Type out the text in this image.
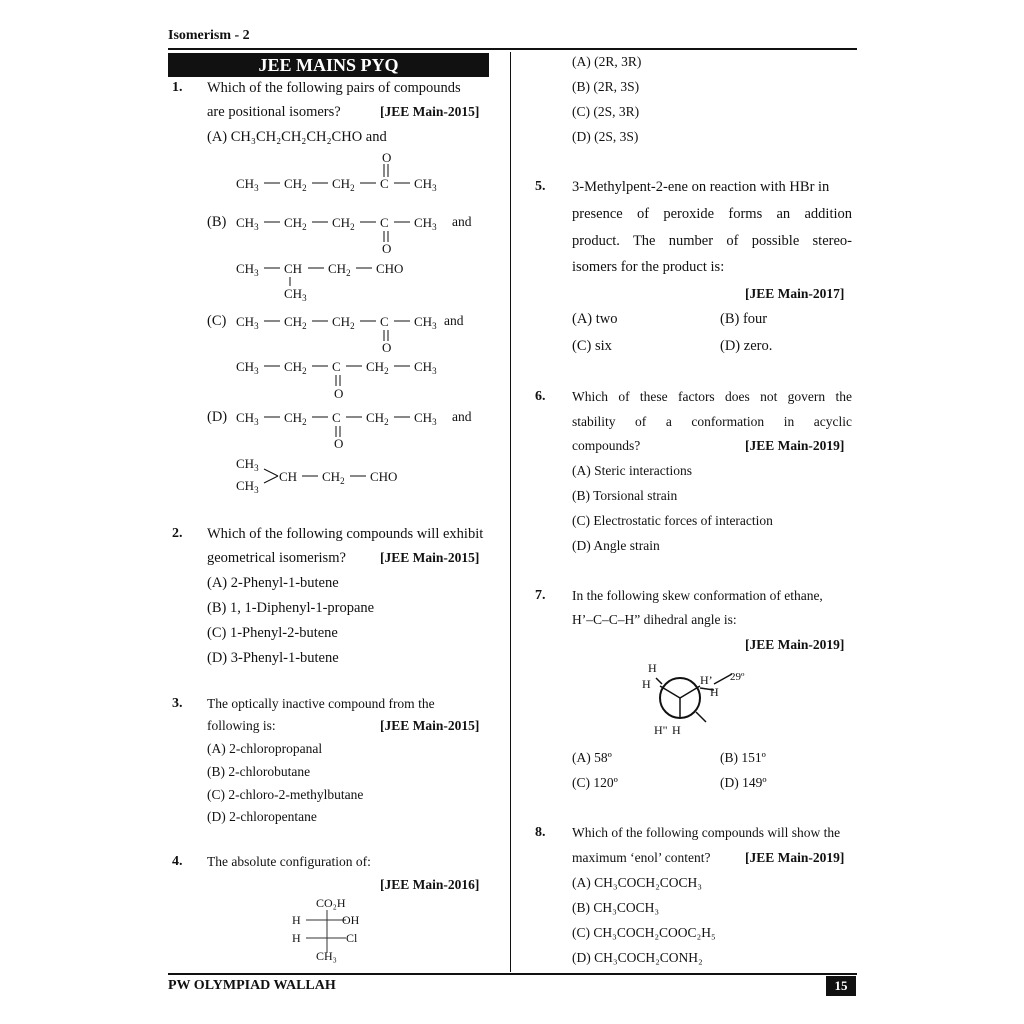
Isomerism - 2
JEE MAINS PYQ
1. Which of the following pairs of compounds
are positional isomers?	[JEE Main-2015]
(A) CH₃CH₂CH₂CH₂CHO and
$CH_3$ $CH_2$ $CH_2$ C
O
$CH_3$
(B) $CH_3$ $CH_2$ $CH_2$ C
O
$CH_3$ and
$CH_3$ CH
$CH_3$
$CH_2$ CHO
(C) $CH_3$ $CH_2$ $CH_2$ C
O
$CH_3$ and
$CH_3$ $CH_2$ C
O
$CH_2$ $CH_3$
(D) $CH_3$ $CH_2$ C
O
$CH_2$ $CH_3$ and
$CH_3$
$CH_3$
CH $CH_2$ CHO
2. Which of the following compounds will exhibit
geometrical isomerism?	[JEE Main-2015]
(A) 2-Phenyl-1-butene
(B) 1, 1-Diphenyl-1-propane
(C) 1-Phenyl-2-butene
(D) 3-Phenyl-1-butene
3. The optically inactive compound from the
following is:	[JEE Main-2015]
(A) 2-chloropropanal
(B) 2-chlorobutane
(C) 2-chloro-2-methylbutane
(D) 2-chloropentane
4. The absolute configuration of:
[JEE Main-2016]
CO₂H
H	OH
H	Cl
CH₃
(A) (2R, 3R)
(B) (2R, 3S)
(C) (2S, 3R)
(D) (2S, 3S)
5. 3-Methylpent-2-ene on reaction with HBr in
presence of peroxide forms an addition
product. The number of possible stereo-
isomers for the product is:
[JEE Main-2017]
(A) two	(B) four
(C) six	(D) zero.
6. Which of these factors does not govern the
stability of a conformation in acyclic
compounds?	[JEE Main-2019]
(A) Steric interactions
(B) Torsional strain
(C) Electrostatic forces of interaction
(D) Angle strain
7. In the following skew conformation of ethane,
H’–C–C–H” dihedral angle is:
[JEE Main-2019]
H
H	H’
H
29º
H" H
(A) 58º	(B) 151º
(C) 120º	(D) 149º
8. Which of the following compounds will show the
maximum ‘enol’ content?	[JEE Main-2019]
(A) CH₃COCH₂COCH₃
(B) CH₃COCH₃
(C) CH₃COCH₂COOC₂H₅
(D) CH₃COCH₂CONH₂
PW OLYMPIAD WALLAH	15
